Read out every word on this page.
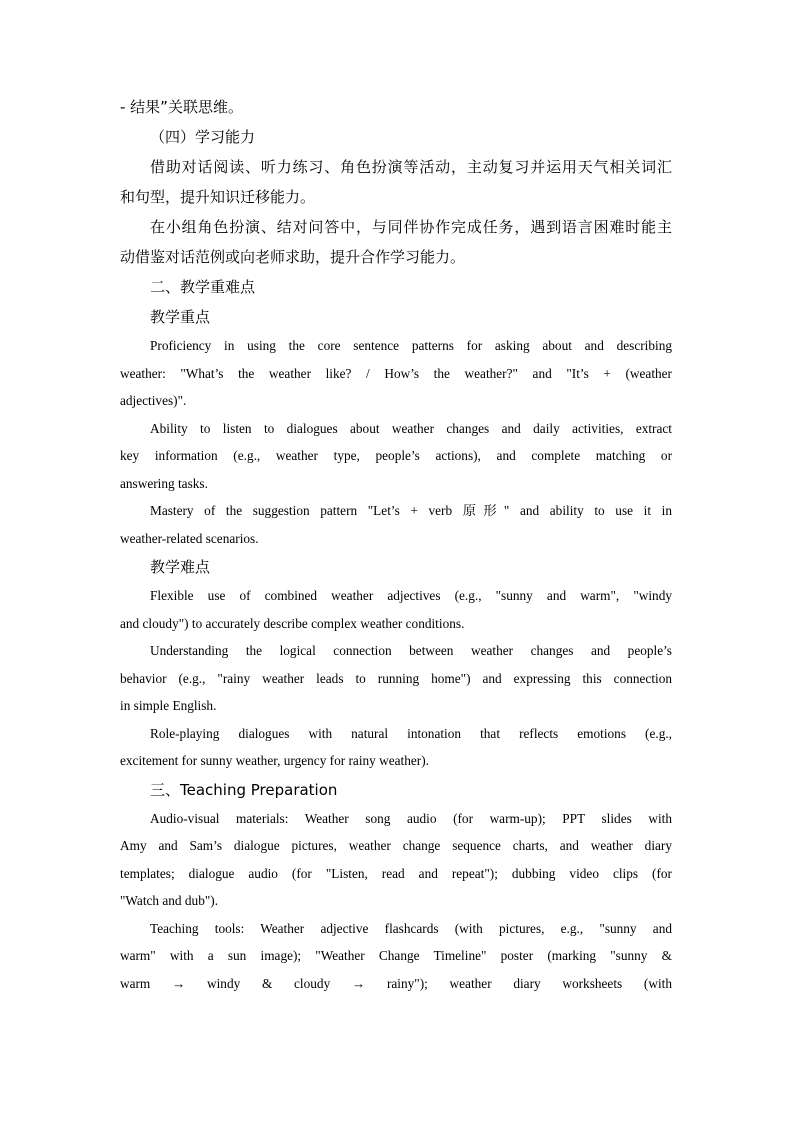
- 结果”关联思维。

（四）学习能力

借助对话阅读、听力练习、角色扮演等活动，主动复习并运用天气相关词汇

和句型，提升知识迁移能力。

在小组角色扮演、结对问答中，与同伴协作完成任务，遇到语言困难时能主

动借鉴对话范例或向老师求助，提升合作学习能力。

二、教学重难点

教学重点

Proficiency in using the core sentence patterns for asking about and describing

weather: "What’s the weather like? / How’s the weather?" and "It’s + (weather

adjectives)".

Ability to listen to dialogues about weather changes and daily activities, extract

key information (e.g., weather type, people’s actions), and complete matching or

answering tasks.

Mastery of the suggestion pattern "Let’s + verb 原形" and ability to use it in

weather-related scenarios.

教学难点

Flexible use of combined weather adjectives (e.g., "sunny and warm", "windy

and cloudy") to accurately describe complex weather conditions.

Understanding the logical connection between weather changes and people’s

behavior (e.g., "rainy weather leads to running home") and expressing this connection

in simple English.

Role-playing dialogues with natural intonation that reflects emotions (e.g.,

excitement for sunny weather, urgency for rainy weather).

三、Teaching Preparation

Audio-visual materials: Weather song audio (for warm-up); PPT slides with

Amy and Sam’s dialogue pictures, weather change sequence charts, and weather diary

templates; dialogue audio (for "Listen, read and repeat"); dubbing video clips (for

"Watch and dub").

Teaching tools: Weather adjective flashcards (with pictures, e.g., "sunny and

warm" with a sun image); "Weather Change Timeline" poster (marking "sunny &

warm → windy & cloudy → rainy"); weather diary worksheets (with
